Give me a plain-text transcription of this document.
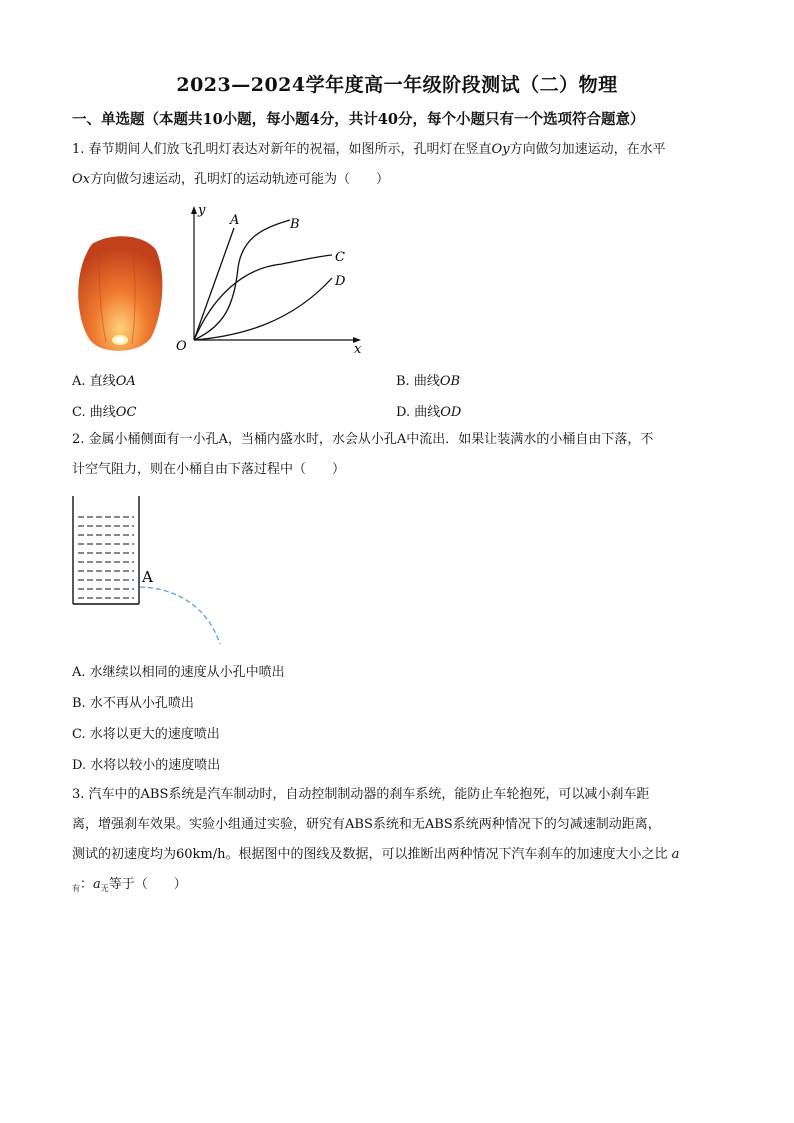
2023—2024学年度高一年级阶段测试（二）物理
一、单选题（本题共10小题，每小题4分，共计40分，每个小题只有一个选项符合题意）
1. 春节期间人们放飞孔明灯表达对新年的祝福，如图所示，孔明灯在竖直Oy方向做匀加速运动，在水平
Ox方向做匀速运动，孔明灯的运动轨迹可能为（　　）
y
x
O
A	B
C
D
A. 直线OA	B. 曲线OB
C. 曲线OC	D. 曲线OD
2. 金属小桶侧面有一小孔A，当桶内盛水时，水会从小孔A中流出．如果让装满水的小桶自由下落，不
计空气阻力，则在小桶自由下落过程中（　　）
A
A. 水继续以相同的速度从小孔中喷出
B. 水不再从小孔喷出
C. 水将以更大的速度喷出
D. 水将以较小的速度喷出
3. 汽车中的ABS系统是汽车制动时，自动控制制动器的刹车系统，能防止车轮抱死，可以减小刹车距
离，增强刹车效果。实验小组通过实验，研究有ABS系统和无ABS系统两种情况下的匀减速制动距离，
测试的初速度均为60km/h。根据图中的图线及数据，可以推断出两种情况下汽车刹车的加速度大小之比 a
$_有$：$a_无$等于（　　）
